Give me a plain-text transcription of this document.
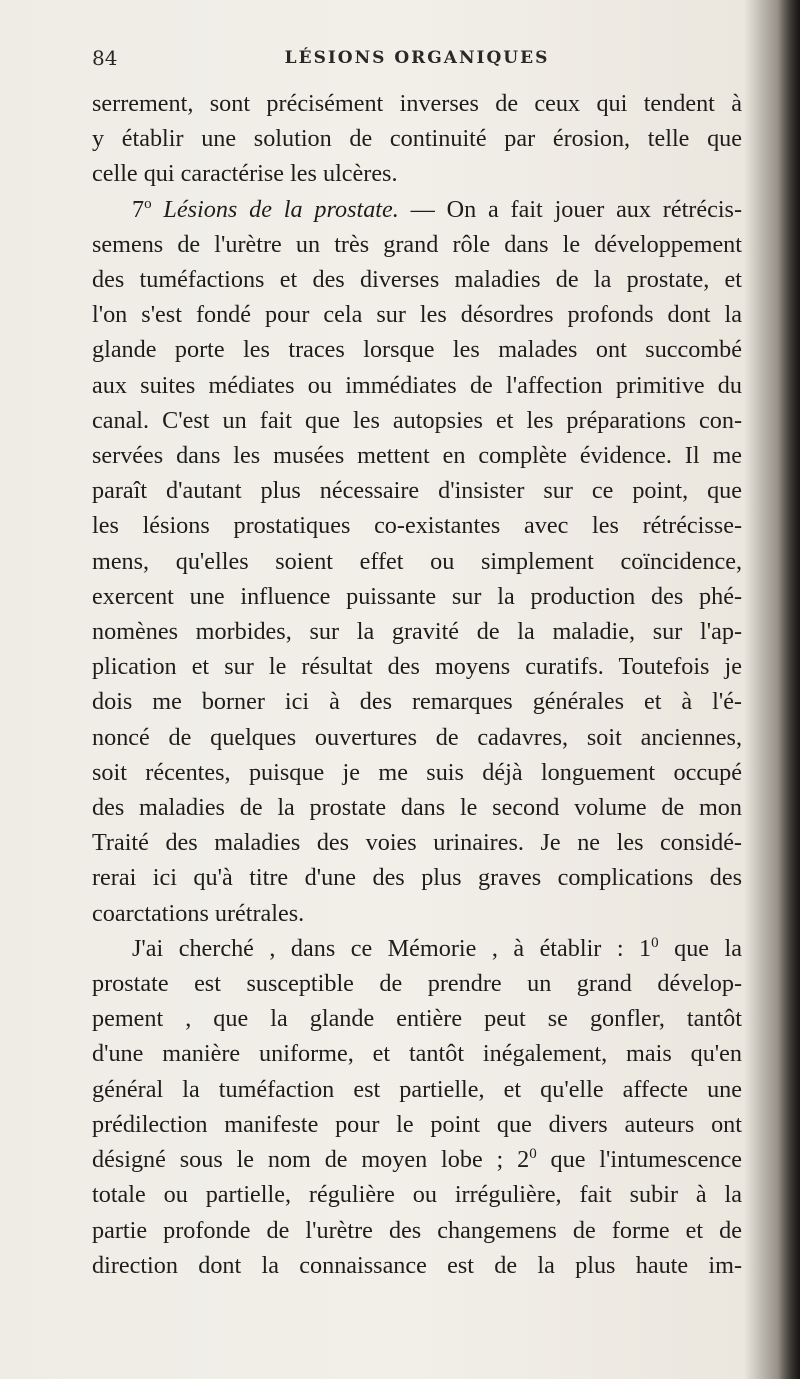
84	LÉSIONS ORGANIQUES
serrement, sont précisément inverses de ceux qui tendent à
y établir une solution de continuité par érosion, telle que
celle qui caractérise les ulcères.
7$^o$ Lésions de la prostate. — On a fait jouer aux rétrécis-
semens de l'urètre un très grand rôle dans le développement
des tuméfactions et des diverses maladies de la prostate, et
l'on s'est fondé pour cela sur les désordres profonds dont la
glande porte les traces lorsque les malades ont succombé
aux suites médiates ou immédiates de l'affection primitive du
canal. C'est un fait que les autopsies et les préparations con-
servées dans les musées mettent en complète évidence. Il me
paraît d'autant plus nécessaire d'insister sur ce point, que
les lésions prostatiques co-existantes avec les rétrécisse-
mens, qu'elles soient effet ou simplement coïncidence,
exercent une influence puissante sur la production des phé-
nomènes morbides, sur la gravité de la maladie, sur l'ap-
plication et sur le résultat des moyens curatifs. Toutefois je
dois me borner ici à des remarques générales et à l'é-
noncé de quelques ouvertures de cadavres, soit anciennes,
soit récentes, puisque je me suis déjà longuement occupé
des maladies de la prostate dans le second volume de mon
Traité des maladies des voies urinaires. Je ne les considé-
rerai ici qu'à titre d'une des plus graves complications des
coarctations urétrales.
J'ai cherché , dans ce Mémorie , à établir : $1^0$ que la
prostate est susceptible de prendre un grand dévelop-
pement , que la glande entière peut se gonfler, tantôt
d'une manière uniforme, et tantôt inégalement, mais qu'en
général la tuméfaction est partielle, et qu'elle affecte une
prédilection manifeste pour le point que divers auteurs ont
désigné sous le nom de moyen lobe ; $2^0$ que l'intumescence
totale ou partielle, régulière ou irrégulière, fait subir à la
partie profonde de l'urètre des changemens de forme et de
direction dont la connaissance est de la plus haute im-
